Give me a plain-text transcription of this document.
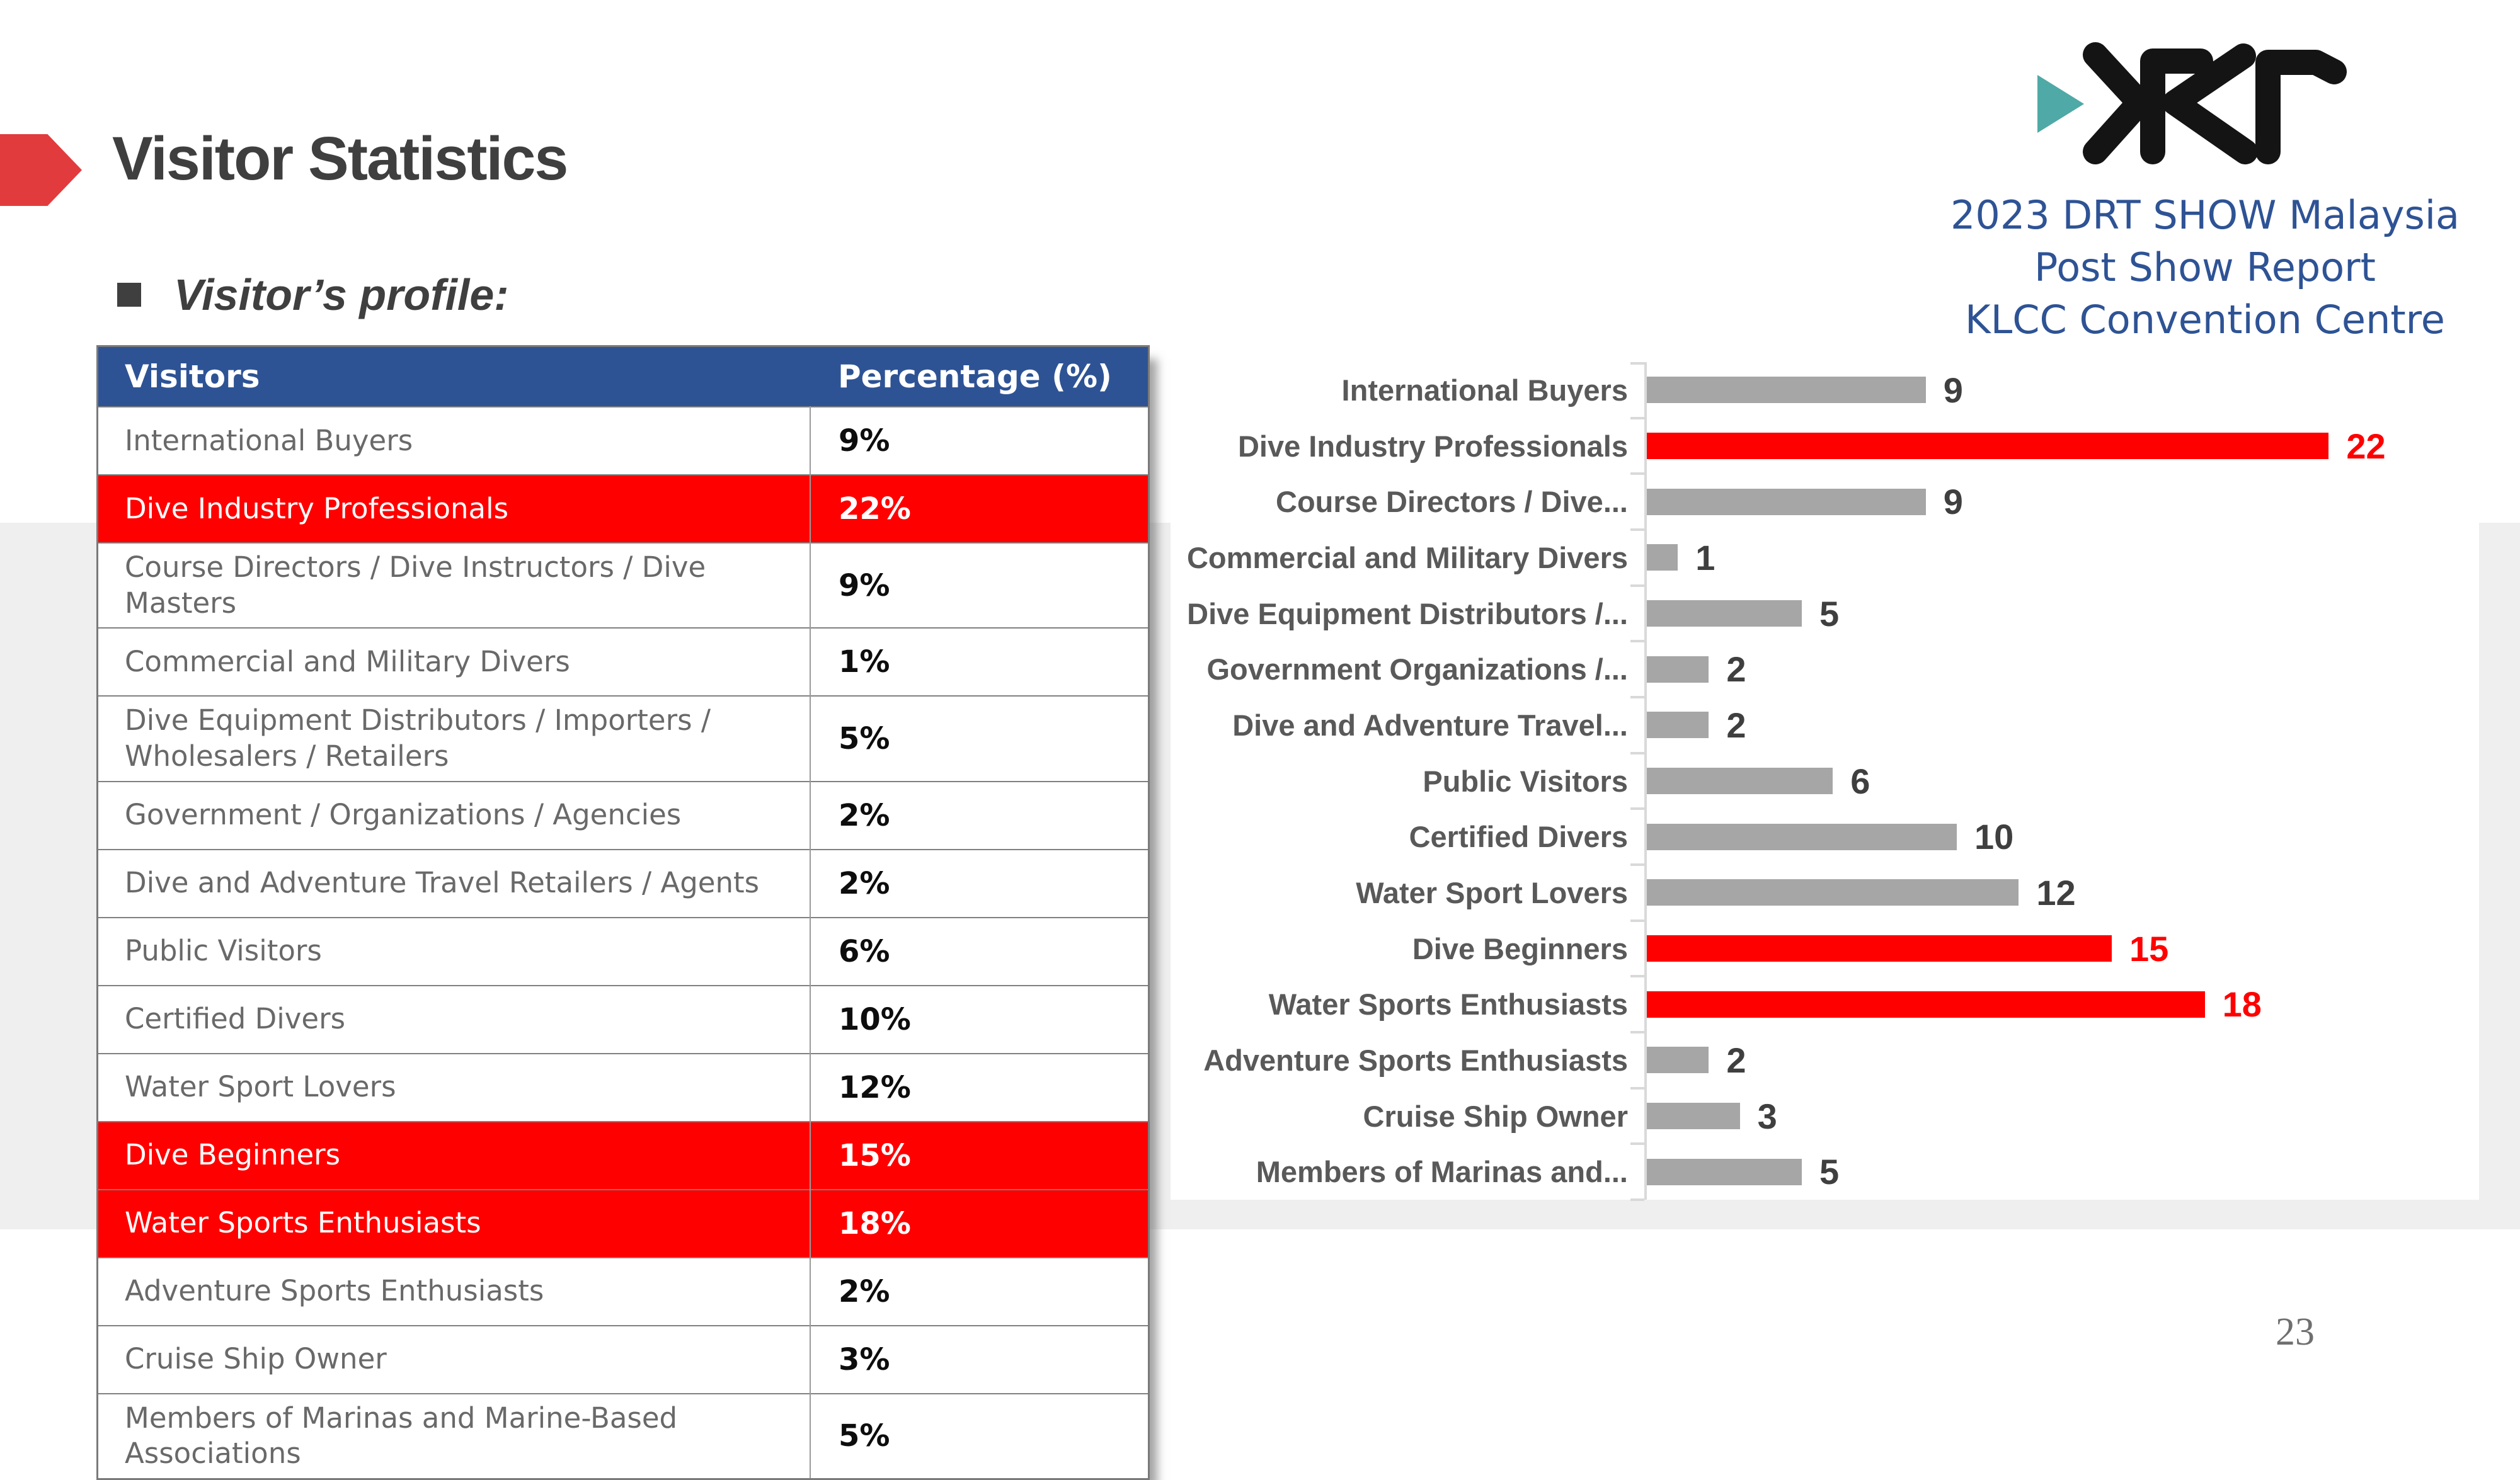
Visitor Statistics
Visitor’s profile:
2023 DRT SHOW Malaysia
Post Show Report
KLCC Convention Centre
Visitors	Percentage (%)
International Buyers	9%
Dive Industry Professionals	22%
Course Directors / Dive Instructors / Dive Masters	9%
Commercial and Military Divers	1%
Dive Equipment Distributors / Importers / Wholesalers / Retailers	5%
Government / Organizations / Agencies	2%
Dive and Adventure Travel Retailers / Agents	2%
Public Visitors	6%
Certified Divers	10%
Water Sport Lovers	12%
Dive Beginners	15%
Water Sports Enthusiasts	18%
Adventure Sports Enthusiasts	2%
Cruise Ship Owner	3%
Members of Marinas and Marine-Based Associations	5%
International Buyers	9
Dive Industry Professionals	22
Course Directors / Dive...	9
Commercial and Military Divers	1
Dive Equipment Distributors /...	5
Government Organizations /...	2
Dive and Adventure Travel...	2
Public Visitors	6
Certified Divers	10
Water Sport Lovers	12
Dive Beginners	15
Water Sports Enthusiasts	18
Adventure Sports Enthusiasts	2
Cruise Ship Owner	3
Members of Marinas and...	5
23
